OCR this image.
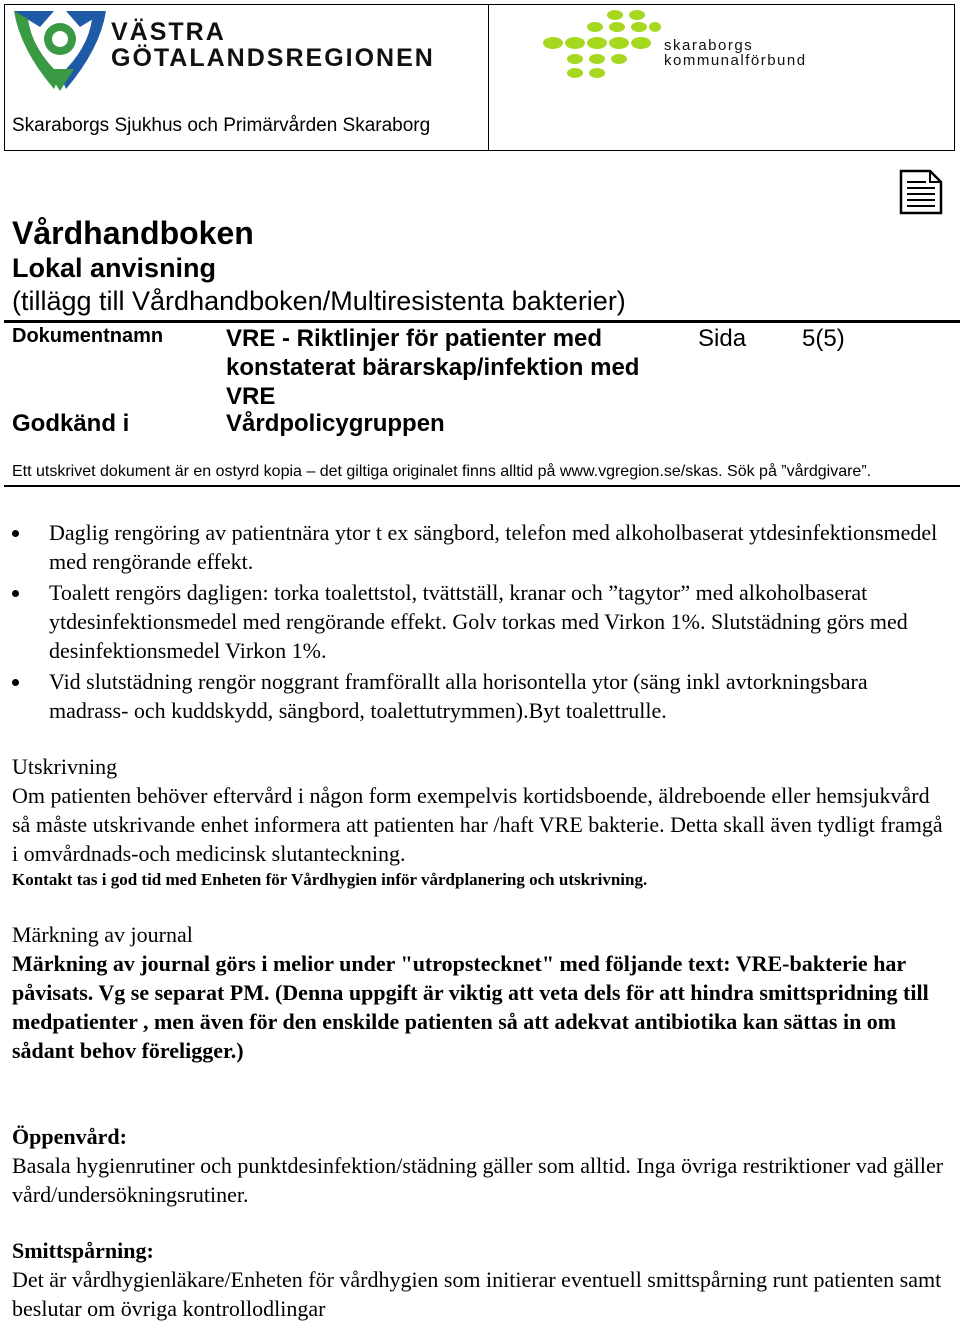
VÄSTRA
GÖTALANDSREGIONEN
Skaraborgs Sjukhus och Primärvården Skaraborg
skaraborgs
kommunalförbund
Vårdhandboken
Lokal anvisning
(tillägg till Vårdhandboken/Multiresistenta bakterier)
Dokumentnamn	VRE - Riktlinjer för patienter med konstaterat bärarskap/infektion med VRE
Sida 5(5)
Godkänd i	Vårdpolicygruppen
Ett utskrivet dokument är en ostyrd kopia – det giltiga originalet finns alltid på www.vgregion.se/skas. Sök på ”vårdgivare”.
Daglig rengöring av patientnära ytor t ex sängbord, telefon med alkoholbaserat ytdesinfektionsmedel med rengörande effekt.
Toalett rengörs dagligen: torka toalettstol, tvättställ, kranar och ”tagytor” med alkoholbaserat ytdesinfektionsmedel med rengörande effekt. Golv torkas med Virkon 1%. Slutstädning görs med desinfektionsmedel Virkon 1%.
Vid slutstädning rengör noggrant framförallt alla horisontella ytor (säng inkl avtorkningsbara madrass- och kuddskydd, sängbord, toalettutrymmen).Byt toalettrulle.
Utskrivning
Om patienten behöver eftervård i någon form exempelvis kortidsboende, äldreboende eller hemsjukvård så måste utskrivande enhet informera att patienten har /haft VRE bakterie. Detta skall även tydligt framgå i omvårdnads-och medicinsk slutanteckning.
Kontakt tas i god tid med Enheten för Vårdhygien inför vårdplanering och utskrivning.
Märkning av journal
Märkning av journal görs i melior under "utropstecknet" med följande text: VRE-bakterie har påvisats. Vg se separat PM. (Denna uppgift är viktig att veta dels för att hindra smittspridning till medpatienter , men även för den enskilde patienten så att adekvat antibiotika kan sättas in om sådant behov föreligger.)
Öppenvård:
Basala hygienrutiner och punktdesinfektion/städning gäller som alltid. Inga övriga restriktioner vad gäller vård/undersökningsrutiner.
Smittspårning:
Det är vårdhygienläkare/Enheten för vårdhygien som initierar eventuell smittspårning runt patienten samt beslutar om övriga kontrollodlingar
